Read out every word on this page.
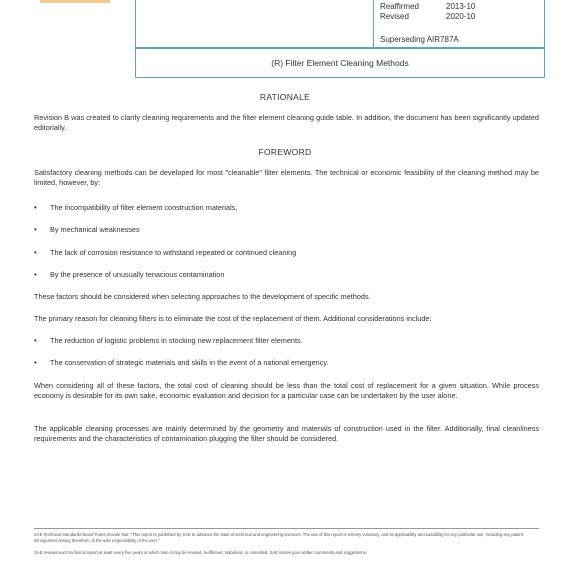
Reaffirmed	2013-10
Revised	2020-10
Superseding AIR787A
(R) Filter Element Cleaning Methods
RATIONALE
Revision B was created to clarify cleaning requirements and the filter element cleaning guide table. In addition, the document has been significantly updated editorially.
FOREWORD
Satisfactory cleaning methods can be developed for most "cleanable" filter elements. The technical or economic feasibility of the cleaning method may be limited, however, by:
•	The incompatibility of filter element construction materials,
•	By mechanical weaknesses
•	The lack of corrosion resistance to withstand repeated or continued cleaning
•	By the presence of unusually tenacious contamination
These factors should be considered when selecting approaches to the development of specific methods.
The primary reason for cleaning filters is to eliminate the cost of the replacement of them. Additional considerations include:
•	The reduction of logistic problems in stocking new replacement filter elements.
•	The conservation of strategic materials and skills in the event of a national emergency.
When considering all of these factors, the total cost of cleaning should be less than the total cost of replacement for a given situation. While process economy is desirable for its own sake, economic evaluation and decision for a particular case can be undertaken by the user alone.
The applicable cleaning processes are mainly determined by the geometry and materials of construction used in the filter. Additionally, final cleanliness requirements and the characteristics of contamination plugging the filter should be considered.
SAE Technical Standards Board Rules provide that: "This report is published by SAE to advance the state of technical and engineering sciences. The use of this report is entirely voluntary, and its applicability and suitability for any particular use, including any patent infringement arising therefrom, is the sole responsibility of the user."
SAE reviews each technical report at least every five years at which time it may be revised, reaffirmed, stabilized, or cancelled. SAE invites your written comments and suggestions.
